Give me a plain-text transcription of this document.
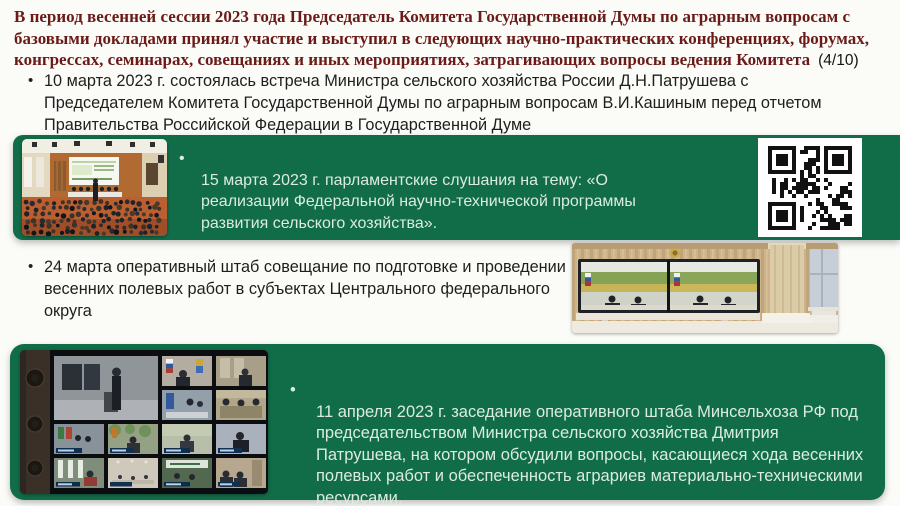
В период весенней сессии 2023 года Председатель Комитета Государственной Думы по аграрным вопросам с
базовыми докладами принял участие и выступил в следующих научно-практических конференциях, форумах,
конгрессах, семинарах, совещаниях и иных мероприятиях, затрагивающих вопросы ведения Комитета (4/10)
•
10 марта 2023 г. состоялась встреча Министра сельского хозяйства России Д.Н.Патрушева с
Председателем Комитета Государственной Думы по аграрным вопросам В.И.Кашиным перед отчетом
Правительства Российской Федерации в Государственной Думе
•
15 марта 2023 г. парламентские слушания на тему: «О
реализации Федеральной научно-технической программы
развития сельского хозяйства».
•
24 марта оперативный штаб совещание по подготовке и проведении
весенних полевых работ в субъектах Центрального федерального
округа
•
11 апреля 2023 г. заседание оперативного штаба Минсельхоза РФ под
председательством Министра сельского хозяйства Дмитрия
Патрушева, на котором обсудили вопросы, касающиеся хода весенних
полевых работ и обеспеченность аграриев материально-техническими
ресурсами.
